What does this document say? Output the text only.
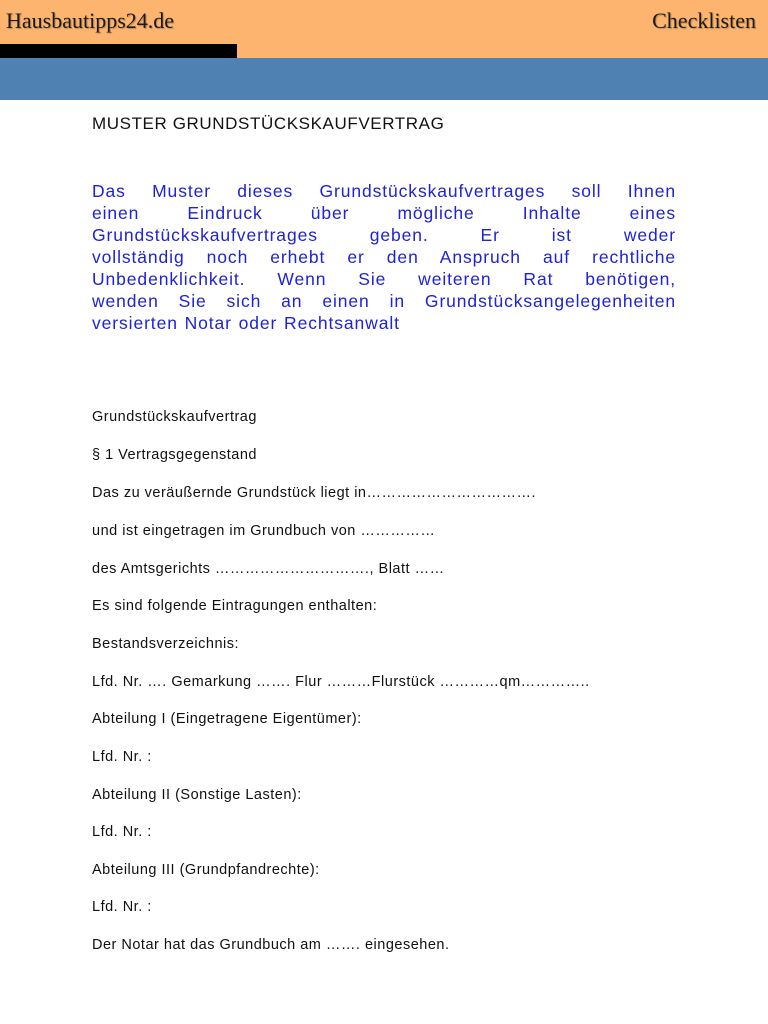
Hausbautipps24.de	Checklisten
MUSTER GRUNDSTÜCKSKAUFVERTRAG
Das Muster dieses Grundstückskaufvertrages soll Ihnen
einen Eindruck über mögliche Inhalte eines
Grundstückskaufvertrages geben. Er ist weder
vollständig noch erhebt er den Anspruch auf rechtliche
Unbedenklichkeit. Wenn Sie weiteren Rat benötigen,
wenden Sie sich an einen in Grundstücksangelegenheiten
versierten Notar oder Rechtsanwalt
Grundstückskaufvertrag
§ 1 Vertragsgegenstand
Das zu veräußernde Grundstück liegt in…………………………….
und ist eingetragen im Grundbuch von ……………
des Amtsgerichts …………………………., Blatt ……
Es sind folgende Eintragungen enthalten:
Bestandsverzeichnis:
Lfd. Nr. …. Gemarkung ……. Flur ………Flurstück …………qm…………..
Abteilung I (Eingetragene Eigentümer):
Lfd. Nr. :
Abteilung II (Sonstige Lasten):
Lfd. Nr. :
Abteilung III (Grundpfandrechte):
Lfd. Nr. :
Der Notar hat das Grundbuch am ……. eingesehen.
